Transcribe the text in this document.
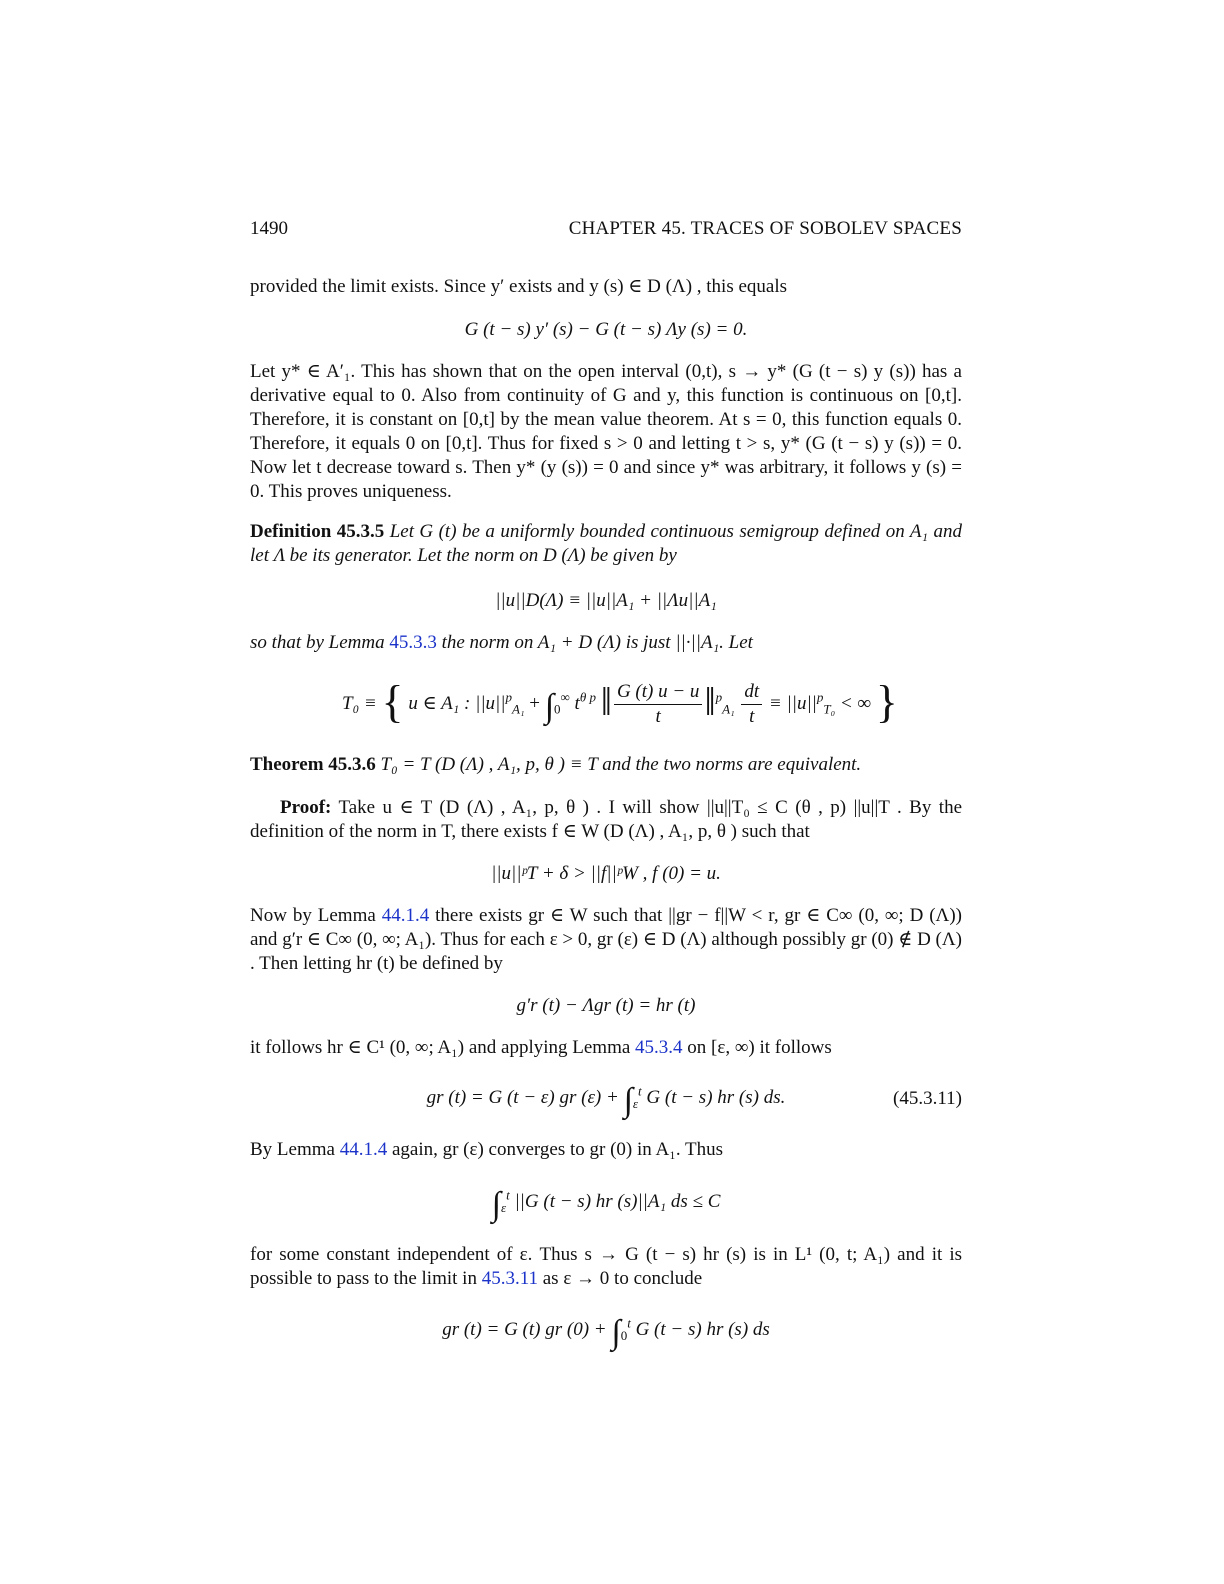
1490	CHAPTER 45. TRACES OF SOBOLEV SPACES
provided the limit exists. Since y′ exists and y (s) ∈ D (Λ) , this equals
G (t − s) y′ (s) − G (t − s) Λy (s) = 0.
Let y* ∈ A′₁. This has shown that on the open interval (0,t), s → y* (G (t − s) y (s)) has a derivative equal to 0. Also from continuity of G and y, this function is continuous on [0,t]. Therefore, it is constant on [0,t] by the mean value theorem. At s = 0, this function equals 0. Therefore, it equals 0 on [0,t]. Thus for fixed s > 0 and letting t > s, y* (G (t − s) y (s)) = 0. Now let t decrease toward s. Then y* (y (s)) = 0 and since y* was arbitrary, it follows y (s) = 0. This proves uniqueness.
Definition 45.3.5 Let G (t) be a uniformly bounded continuous semigroup defined on A₁ and let Λ be its generator. Let the norm on D (Λ) be given by
||u||D(Λ) ≡ ||u||A₁ + ||Λu||A₁
so that by Lemma 45.3.3 the norm on A₁ + D (Λ) is just ||·||A₁. Let
T₀ ≡ { u ∈ A₁ : $||u||^p_{A_1} + \int_0^\infty$ $t^{\theta p}$ ‖ $\frac{G (t) u - u}{t}$ ‖$^p_{A_1}$ $\frac{dt}{t} \equiv ||u||^p_{T_0}$ < ∞ }
Theorem 45.3.6 T₀ = T (D (Λ) , A₁, p, θ ) ≡ T and the two norms are equivalent.
Proof: Take u ∈ T (D (Λ) , A₁, p, θ ) . I will show ||u||T₀ ≤ C (θ , p) ||u||T . By the definition of the norm in T, there exists f ∈ W (D (Λ) , A₁, p, θ ) such that
||u||ᵖT + δ > ||f||ᵖW , f (0) = u.
Now by Lemma 44.1.4 there exists gr ∈ W such that ||gr − f||W < r, gr ∈ C∞ (0, ∞; D (Λ)) and g′r ∈ C∞ (0, ∞; A₁). Thus for each ε > 0, gr (ε) ∈ D (Λ) although possibly gr (0) ∉ D (Λ) . Then letting hr (t) be defined by
g′r (t) − Λgr (t) = hr (t)
it follows hr ∈ C¹ (0, ∞; A₁) and applying Lemma 45.3.4 on [ε, ∞) it follows
gr (t) = G (t − ε) gr $(\varepsilon) + \int_\varepsilon^t$ G (t − s) hr (s) ds.	(45.3.11)
By Lemma 44.1.4 again, gr (ε) converges to gr (0) in A₁. Thus
$\int_\varepsilon^t$ ||G (t − s) hr (s)||A₁ ds ≤ C
for some constant independent of ε. Thus s → G (t − s) hr (s) is in L¹ (0, t; A₁) and it is possible to pass to the limit in 45.3.11 as ε → 0 to conclude
gr (t) = G (t) gr $(0) + \int_0^t$ G (t − s) hr (s) ds
